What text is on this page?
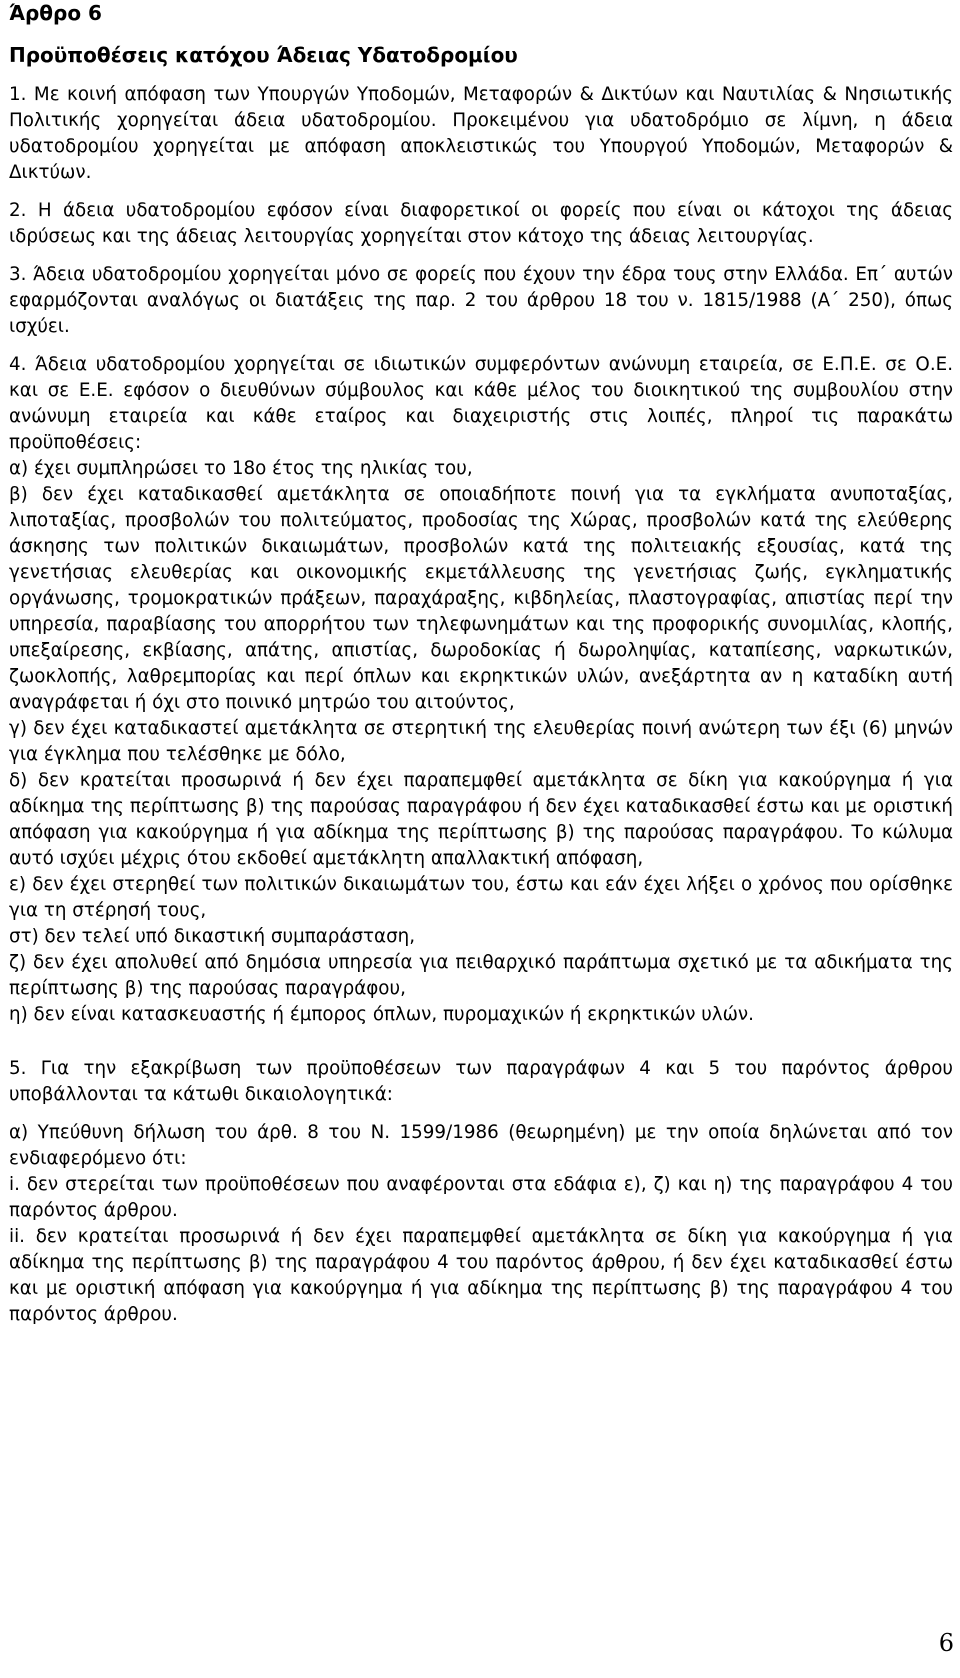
Άρθρο 6
Προϋποθέσεις κατόχου Άδειας Υδατοδρομίου

1. Με κοινή απόφαση των Υπουργών Υποδομών, Μεταφορών & Δικτύων και Ναυτιλίας & Νησιωτικής Πολιτικής χορηγείται άδεια υδατοδρομίου. Προκειμένου για υδατοδρόμιο σε λίμνη, η άδεια υδατοδρομίου χορηγείται με απόφαση αποκλειστικώς του Υπουργού Υποδομών, Μεταφορών & Δικτύων.

2. Η άδεια υδατοδρομίου εφόσον είναι διαφορετικοί οι φορείς που είναι οι κάτοχοι της άδειας ιδρύσεως και της άδειας λειτουργίας χορηγείται στον κάτοχο της άδειας λειτουργίας.

3. Άδεια υδατοδρομίου χορηγείται μόνο σε φορείς που έχουν την έδρα τους στην Ελλάδα. Επ΄ αυτών εφαρμόζονται αναλόγως οι διατάξεις της παρ. 2 του άρθρου 18 του ν. 1815/1988 (Α΄ 250), όπως ισχύει.

4. Άδεια υδατοδρομίου χορηγείται σε ιδιωτικών συμφερόντων ανώνυμη εταιρεία, σε Ε.Π.Ε. σε Ο.Ε. και σε Ε.Ε. εφόσον ο διευθύνων σύμβουλος και κάθε μέλος του διοικητικού της συμβουλίου στην ανώνυμη εταιρεία και κάθε εταίρος και διαχειριστής στις λοιπές, πληροί τις παρακάτω προϋποθέσεις:

α) έχει συμπληρώσει το 18ο έτος της ηλικίας του,

β) δεν έχει καταδικασθεί αμετάκλητα σε οποιαδήποτε ποινή για τα εγκλήματα ανυποταξίας, λιποταξίας, προσβολών του πολιτεύματος, προδοσίας της Χώρας, προσβολών κατά της ελεύθερης άσκησης των πολιτικών δικαιωμάτων, προσβολών κατά της πολιτειακής εξουσίας, κατά της γενετήσιας ελευθερίας και οικονομικής εκμετάλλευσης της γενετήσιας ζωής, εγκληματικής οργάνωσης, τρομοκρατικών πράξεων, παραχάραξης, κιβδηλείας, πλαστογραφίας, απιστίας περί την υπηρεσία, παραβίασης του απορρήτου των τηλεφωνημάτων και της προφορικής συνομιλίας, κλοπής, υπεξαίρεσης, εκβίασης, απάτης, απιστίας, δωροδοκίας ή δωροληψίας, καταπίεσης, ναρκωτικών, ζωοκλοπής, λαθρεμπορίας και περί όπλων και εκρηκτικών υλών, ανεξάρτητα αν η καταδίκη αυτή αναγράφεται ή όχι στο ποινικό μητρώο του αιτούντος,

γ) δεν έχει καταδικαστεί αμετάκλητα σε στερητική της ελευθερίας ποινή ανώτερη των έξι (6) μηνών για έγκλημα που τελέσθηκε με δόλο,

δ) δεν κρατείται προσωρινά ή δεν έχει παραπεμφθεί αμετάκλητα σε δίκη για κακούργημα ή για αδίκημα της περίπτωσης β) της παρούσας παραγράφου ή δεν έχει καταδικασθεί έστω και με οριστική απόφαση για κακούργημα ή για αδίκημα της περίπτωσης β) της παρούσας παραγράφου. Το κώλυμα αυτό ισχύει μέχρις ότου εκδοθεί αμετάκλητη απαλλακτική απόφαση,

ε) δεν έχει στερηθεί των πολιτικών δικαιωμάτων του, έστω και εάν έχει λήξει ο χρόνος που ορίσθηκε για τη στέρησή τους,

στ) δεν τελεί υπό δικαστική συμπαράσταση,

ζ) δεν έχει απολυθεί από δημόσια υπηρεσία για πειθαρχικό παράπτωμα σχετικό με τα αδικήματα της περίπτωσης β) της παρούσας παραγράφου,

η) δεν είναι κατασκευαστής ή έμπορος όπλων, πυρομαχικών ή εκρηκτικών υλών.

5. Για την εξακρίβωση των προϋποθέσεων των παραγράφων 4 και 5 του παρόντος άρθρου υποβάλλονται τα κάτωθι δικαιολογητικά:

α) Υπεύθυνη δήλωση του άρθ. 8 του Ν. 1599/1986 (θεωρημένη) με την οποία δηλώνεται από τον ενδιαφερόμενο ότι:

i. δεν στερείται των προϋποθέσεων που αναφέρονται στα εδάφια ε), ζ) και η) της παραγράφου 4 του παρόντος άρθρου.

ii. δεν κρατείται προσωρινά ή δεν έχει παραπεμφθεί αμετάκλητα σε δίκη για κακούργημα ή για αδίκημα της περίπτωσης β) της παραγράφου 4 του παρόντος άρθρου, ή δεν έχει καταδικασθεί έστω και με οριστική απόφαση για κακούργημα ή για αδίκημα της περίπτωσης β) της παραγράφου 4 του παρόντος άρθρου.

6
